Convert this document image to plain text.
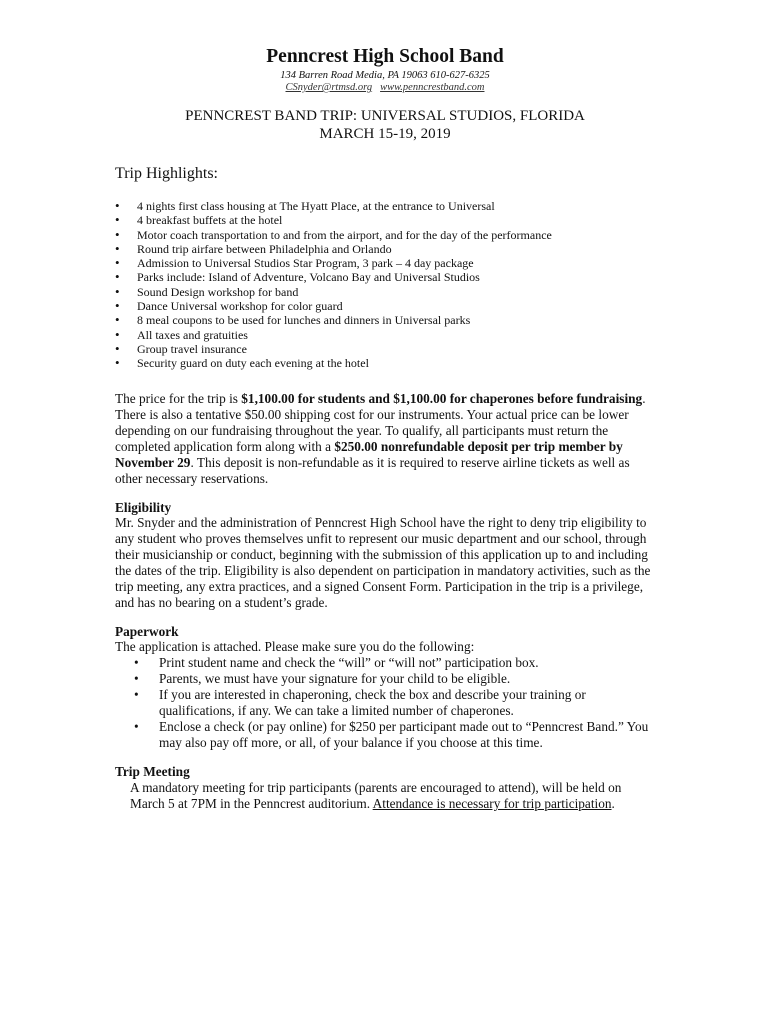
Penncrest High School Band
134 Barren Road Media, PA 19063 610-627-6325
CSnyder@rtmsd.org www.penncrestband.com
PENNCREST BAND TRIP: UNIVERSAL STUDIOS, FLORIDA
MARCH 15-19, 2019
Trip Highlights:
• 4 nights first class housing at The Hyatt Place, at the entrance to Universal
• 4 breakfast buffets at the hotel
• Motor coach transportation to and from the airport, and for the day of the performance
• Round trip airfare between Philadelphia and Orlando
• Admission to Universal Studios Star Program, 3 park – 4 day package
• Parks include: Island of Adventure, Volcano Bay and Universal Studios
• Sound Design workshop for band
• Dance Universal workshop for color guard
• 8 meal coupons to be used for lunches and dinners in Universal parks
• All taxes and gratuities
• Group travel insurance
• Security guard on duty each evening at the hotel
The price for the trip is $1,100.00 for students and $1,100.00 for chaperones before fundraising. There is also a tentative $50.00 shipping cost for our instruments. Your actual price can be lower depending on our fundraising throughout the year. To qualify, all participants must return the completed application form along with a $250.00 nonrefundable deposit per trip member by November 29. This deposit is non-refundable as it is required to reserve airline tickets as well as other necessary reservations.
Eligibility
Mr. Snyder and the administration of Penncrest High School have the right to deny trip eligibility to any student who proves themselves unfit to represent our music department and our school, through their musicianship or conduct, beginning with the submission of this application up to and including the dates of the trip. Eligibility is also dependent on participation in mandatory activities, such as the trip meeting, any extra practices, and a signed Consent Form. Participation in the trip is a privilege, and has no bearing on a student’s grade.
Paperwork
The application is attached. Please make sure you do the following:
• Print student name and check the “will” or “will not” participation box.
• Parents, we must have your signature for your child to be eligible.
• If you are interested in chaperoning, check the box and describe your training or qualifications, if any. We can take a limited number of chaperones.
• Enclose a check (or pay online) for $250 per participant made out to “Penncrest Band.” You may also pay off more, or all, of your balance if you choose at this time.
Trip Meeting
A mandatory meeting for trip participants (parents are encouraged to attend), will be held on March 5 at 7PM in the Penncrest auditorium. Attendance is necessary for trip participation.
